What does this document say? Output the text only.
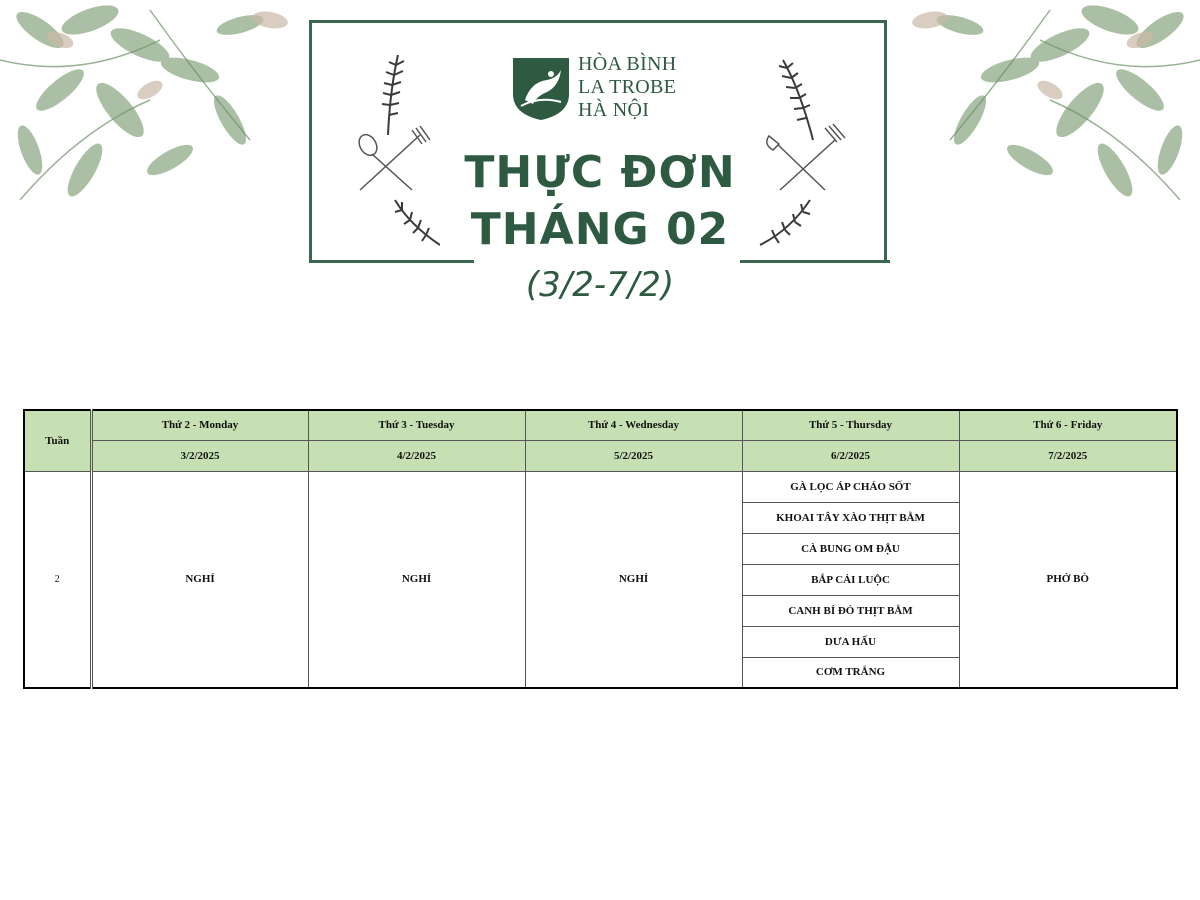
HÒA BÌNH
LA TROBE
HÀ NỘI
THỰC ĐƠN
THÁNG 02
(3/2-7/2)
Tuần	Thứ 2 - Monday	Thứ 3 - Tuesday	Thứ 4 - Wednesday	Thứ 5 - Thursday	Thứ 6 - Friday
	3/2/2025	4/2/2025	5/2/2025	6/2/2025	7/2/2025
2	NGHỈ	NGHỈ	NGHỈ	GÀ LỌC ÁP CHẢO SỐT	PHỞ BÒ
				KHOAI TÂY XÀO THỊT BẰM	
				CÀ BUNG OM ĐẬU	
				BẮP CẢI LUỘC	
				CANH BÍ ĐỎ THỊT BẰM	
				DƯA HẤU	
				CƠM TRẮNG	
